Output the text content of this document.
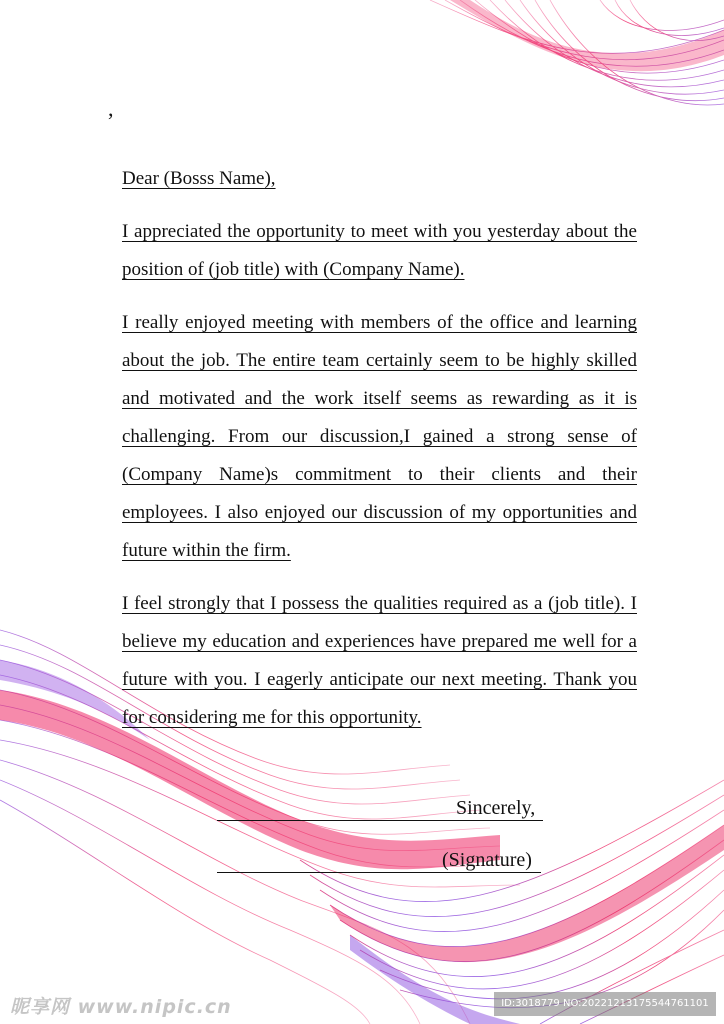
,

Dear (Bosss Name),

I appreciated the opportunity to meet with you yesterday about the position of (job title) with (Company Name).

I really enjoyed meeting with members of the office and learning about the job. The entire team certainly seem to be highly skilled and motivated and the work itself seems as rewarding as it is challenging. From our discussion,I gained a strong sense of (Company Name)s commitment to their clients and their employees. I also enjoyed our discussion of my opportunities and future within the firm.

I feel strongly that I possess the qualities required as a (job title). I believe my education and experiences have prepared me well for a future with you. I eagerly anticipate our next meeting. Thank you for considering me for this opportunity.

Sincerely,
(Signature)
昵享网 www.nipic.cn	ID:3018779 NO:20221213175544761101
